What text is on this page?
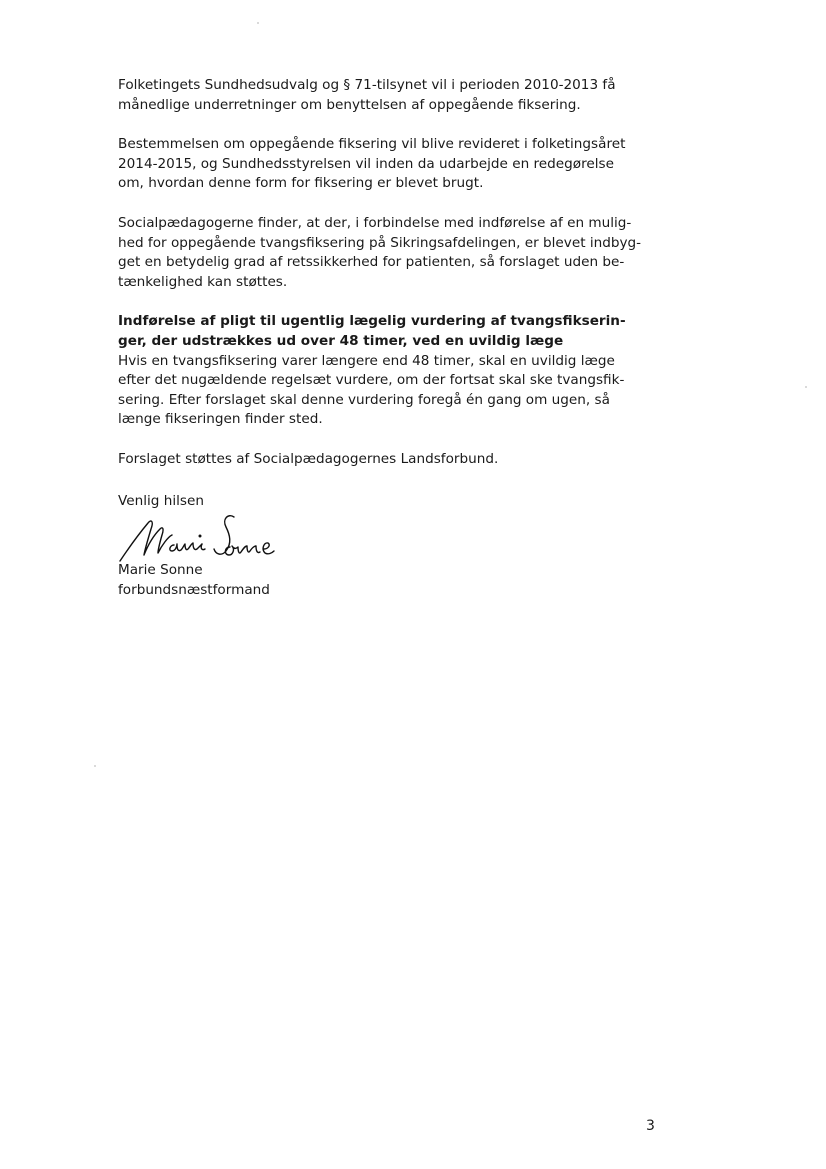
Folketingets Sundhedsudvalg og § 71-tilsynet vil i perioden 2010-2013 få
månedlige underretninger om benyttelsen af oppegående fiksering.

Bestemmelsen om oppegående fiksering vil blive revideret i folketingsåret
2014-2015, og Sundhedsstyrelsen vil inden da udarbejde en redegørelse
om, hvordan denne form for fiksering er blevet brugt.

Socialpædagogerne finder, at der, i forbindelse med indførelse af en mulig-
hed for oppegående tvangsfiksering på Sikringsafdelingen, er blevet indbyg-
get en betydelig grad af retssikkerhed for patienten, så forslaget uden be-
tænkelighed kan støttes.

Indførelse af pligt til ugentlig lægelig vurdering af tvangsfikserin-
ger, der udstrækkes ud over 48 timer, ved en uvildig læge
Hvis en tvangsfiksering varer længere end 48 timer, skal en uvildig læge
efter det nugældende regelsæt vurdere, om der fortsat skal ske tvangsfik-
sering. Efter forslaget skal denne vurdering foregå én gang om ugen, så
længe fikseringen finder sted.

Forslaget støttes af Socialpædagogernes Landsforbund.

Venlig hilsen
Marie Sonne
forbundsnæstformand
3
